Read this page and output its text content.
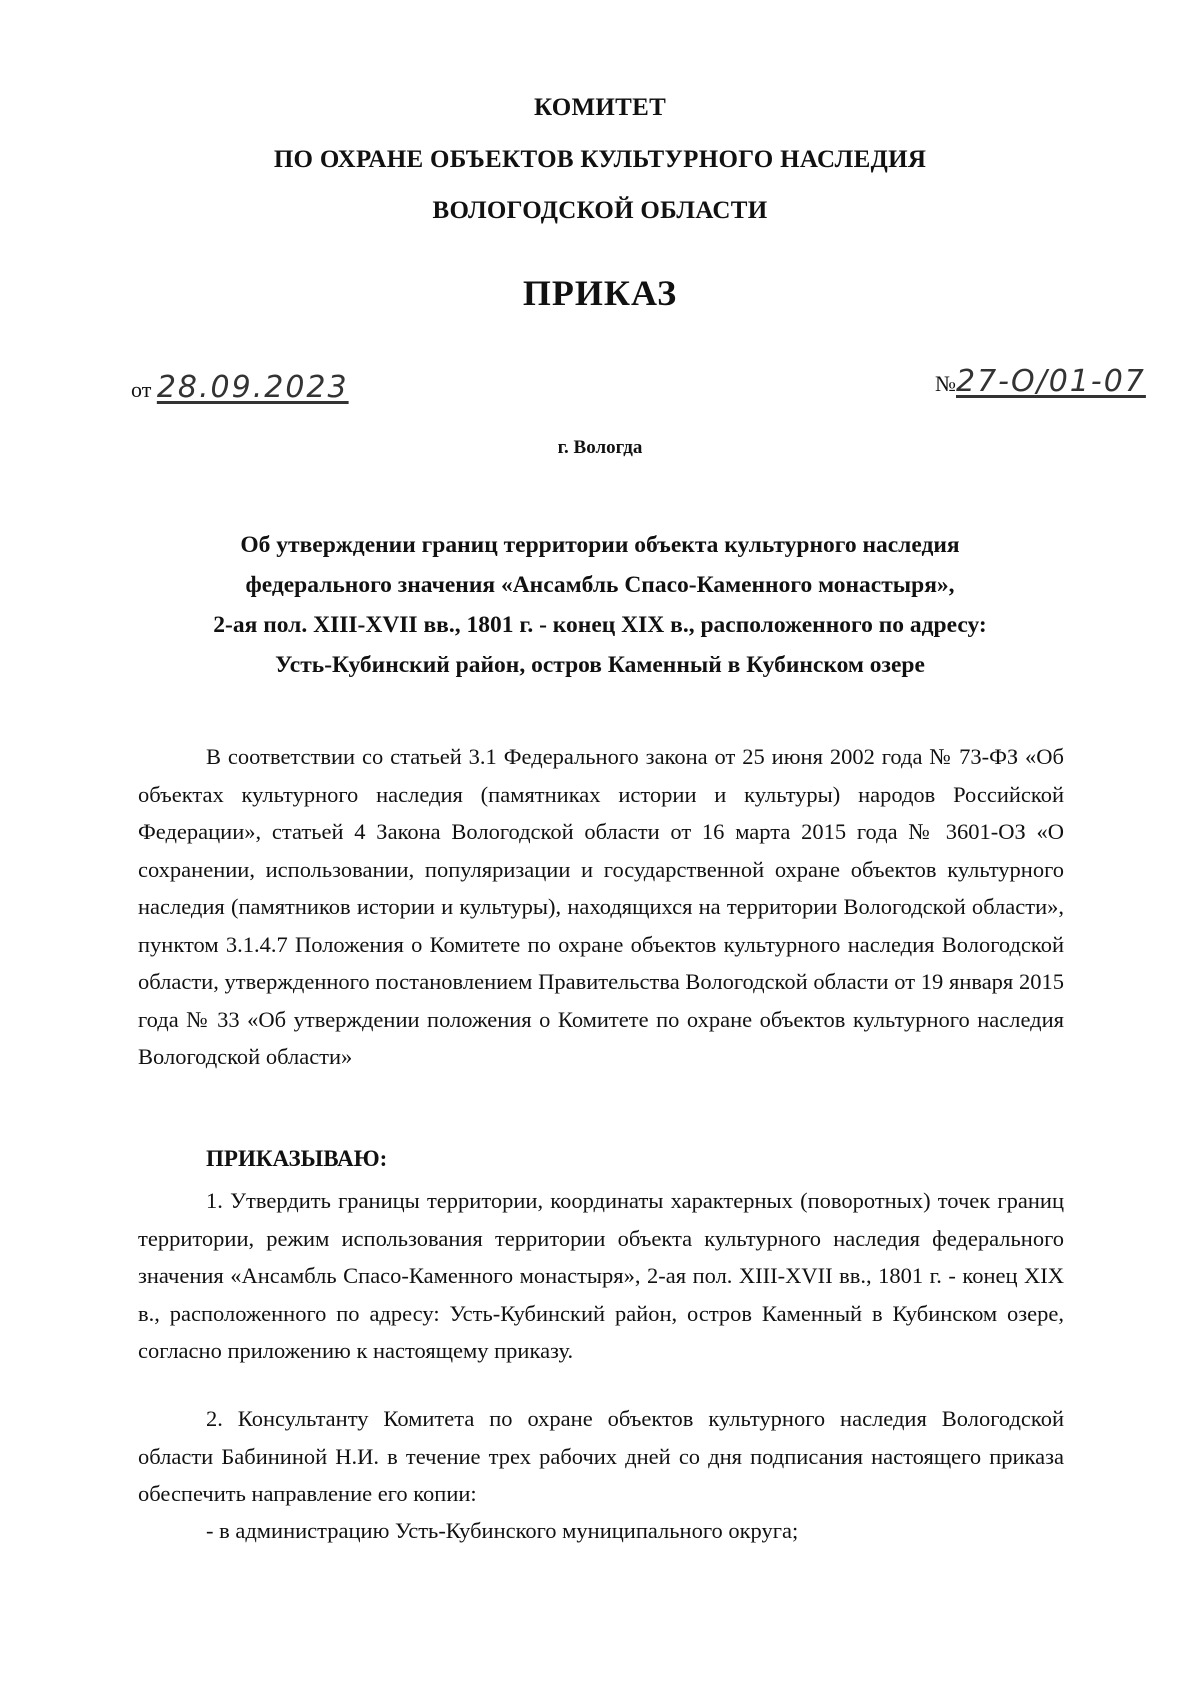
КОМИТЕТ
ПО ОХРАНЕ ОБЪЕКТОВ КУЛЬТУРНОГО НАСЛЕДИЯ
ВОЛОГОДСКОЙ ОБЛАСТИ
ПРИКАЗ
от 28.09.2023	№27-О/01-07
г. Вологда
Об утверждении границ территории объекта культурного наследия
федерального значения «Ансамбль Спасо-Каменного монастыря»,
2-ая пол. XIII-XVII вв., 1801 г. - конец XIX в., расположенного по адресу:
Усть-Кубинский район, остров Каменный в Кубинском озере
В соответствии со статьей 3.1 Федерального закона от 25 июня 2002 года № 73-ФЗ «Об объектах культурного наследия (памятниках истории и культуры) народов Российской Федерации», статьей 4 Закона Вологодской области от 16 марта 2015 года № 3601-ОЗ «О сохранении, использовании, популяризации и государственной охране объектов культурного наследия (памятников истории и культуры), находящихся на территории Вологодской области», пунктом 3.1.4.7 Положения о Комитете по охране объектов культурного наследия Вологодской области, утвержденного постановлением Правительства Вологодской области от 19 января 2015 года № 33 «Об утверждении положения о Комитете по охране объектов культурного наследия Вологодской области»
ПРИКАЗЫВАЮ:
1. Утвердить границы территории, координаты характерных (поворотных) точек границ территории, режим использования территории объекта культурного наследия федерального значения «Ансамбль Спасо-Каменного монастыря», 2-ая пол. XIII-XVII вв., 1801 г. - конец XIX в., расположенного по адресу: Усть-Кубинский район, остров Каменный в Кубинском озере, согласно приложению к настоящему приказу.
2. Консультанту Комитета по охране объектов культурного наследия Вологодской области Бабининой Н.И. в течение трех рабочих дней со дня подписания настоящего приказа обеспечить направление его копии:
- в администрацию Усть-Кубинского муниципального округа;
